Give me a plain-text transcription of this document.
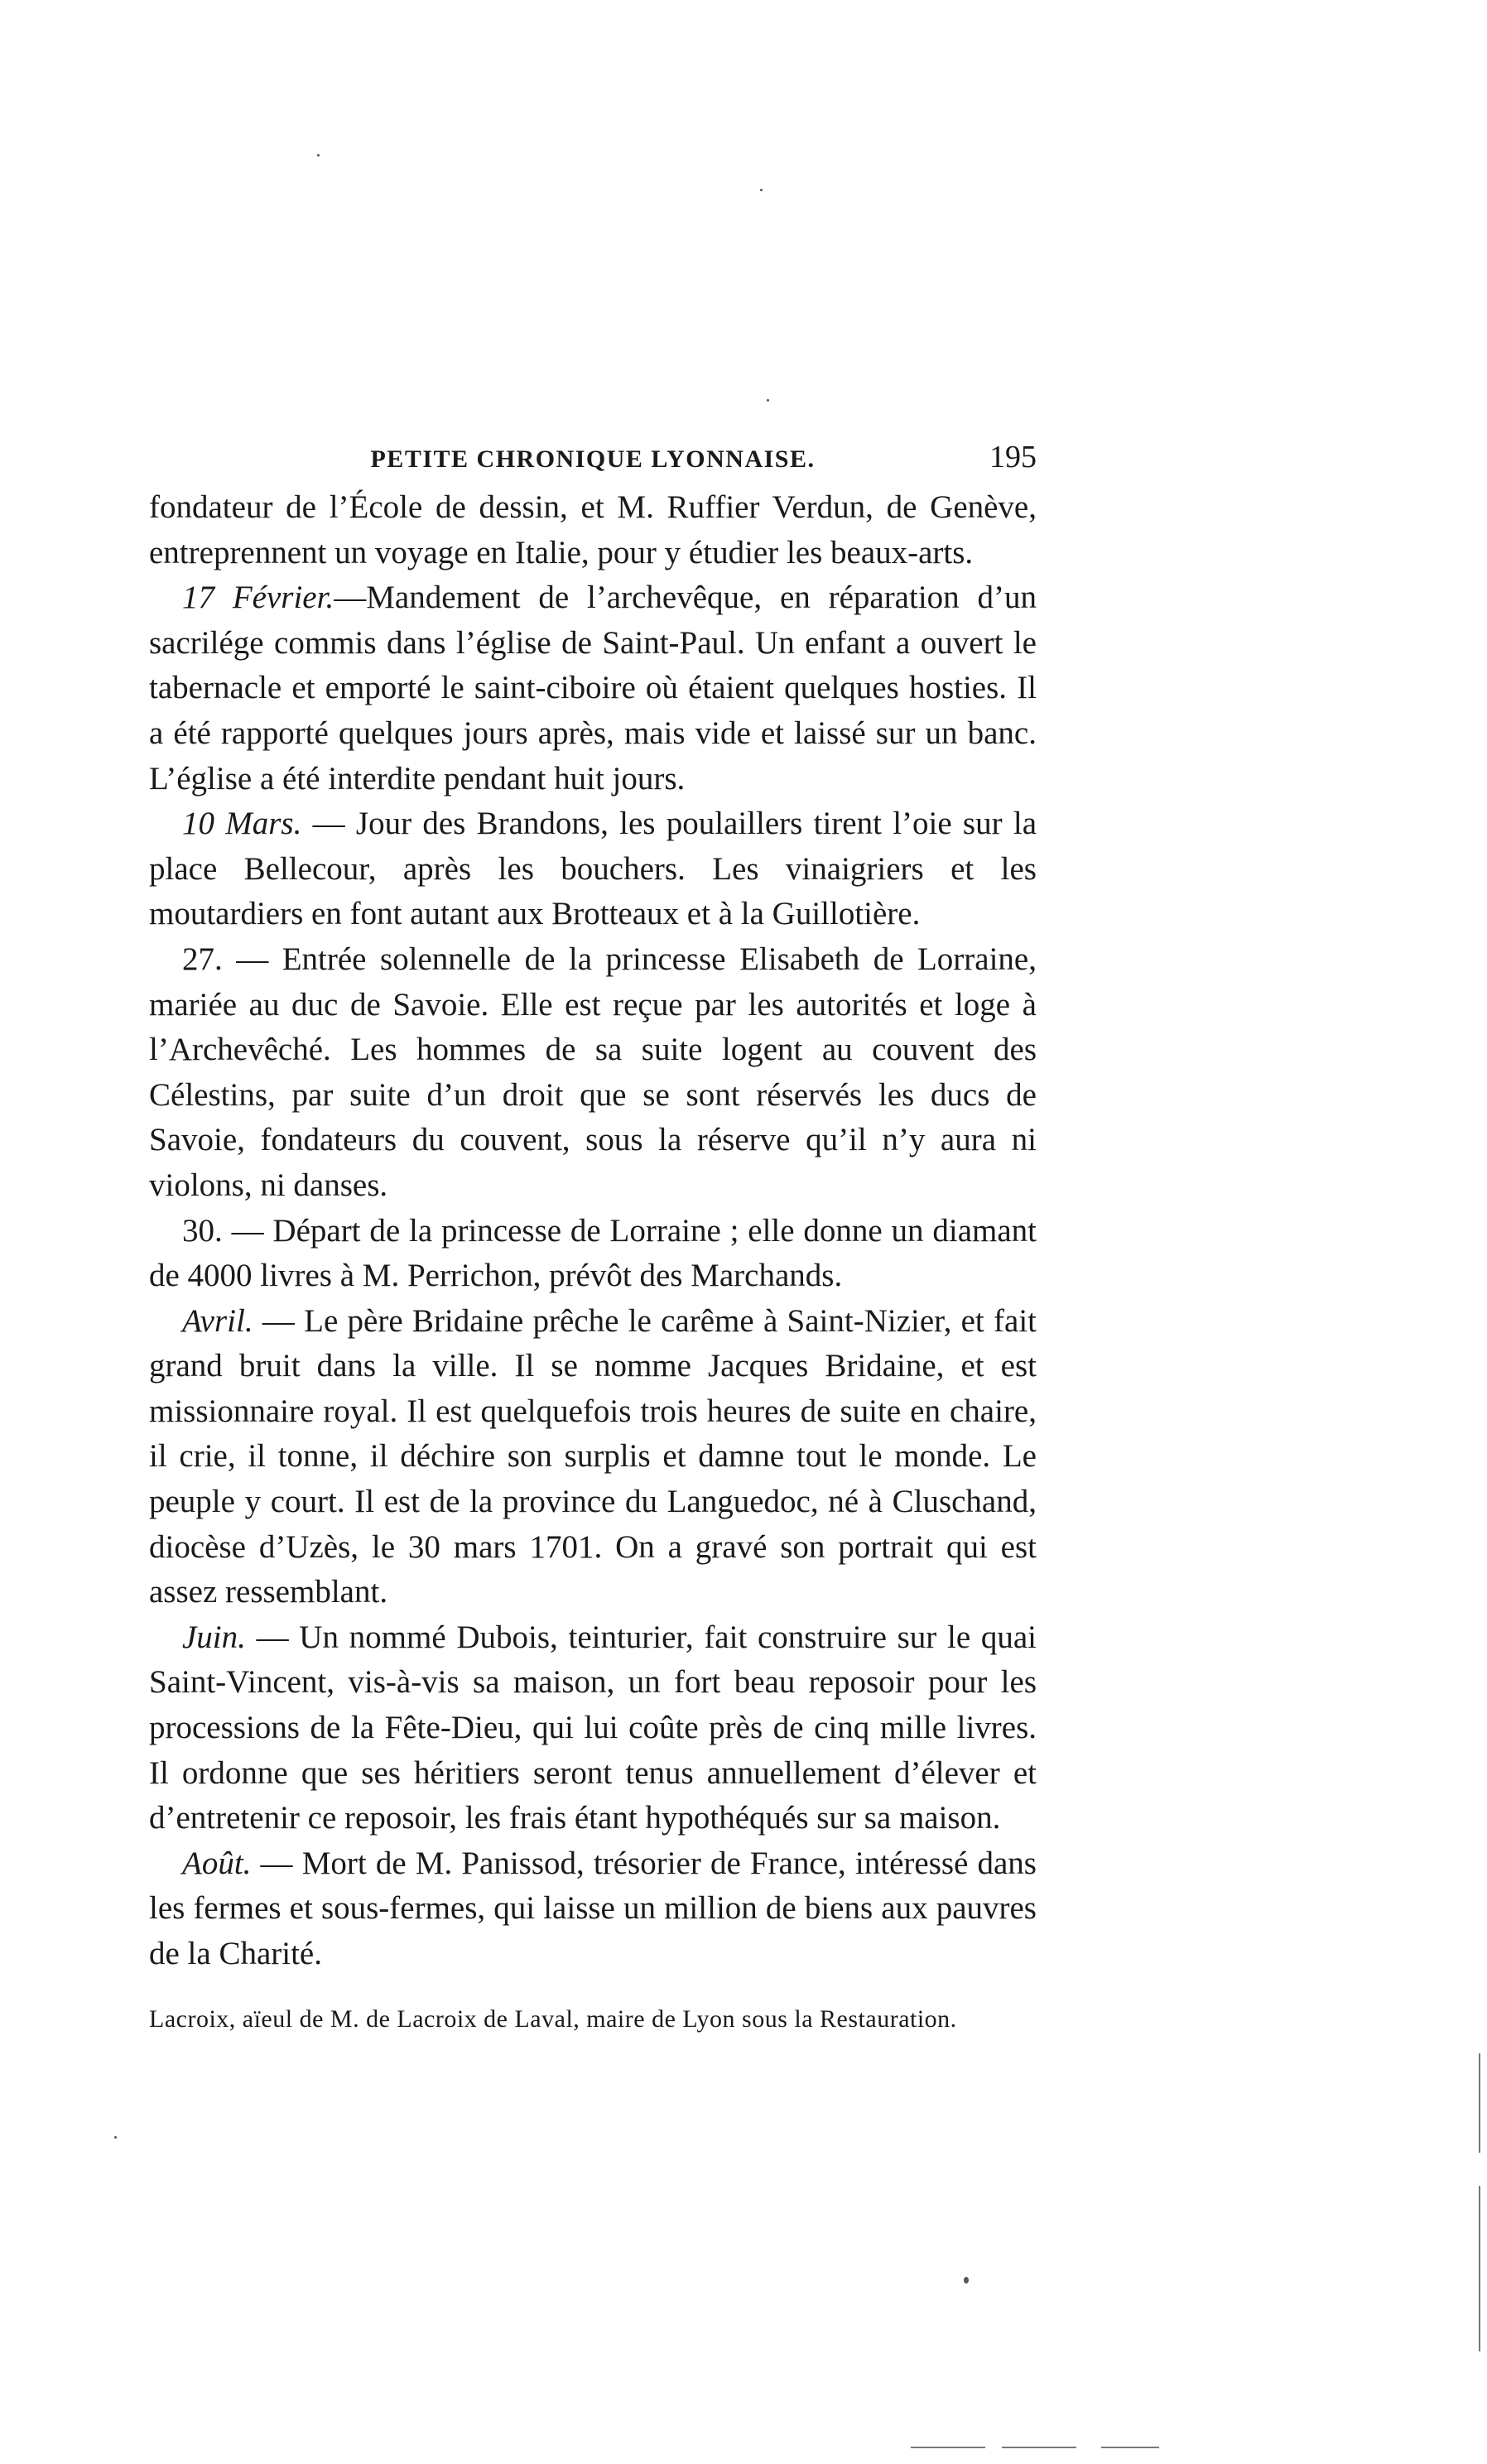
PETITE CHRONIQUE LYONNAISE.	195

fondateur de l’École de dessin, et M. Ruffier Verdun, de Genève, entreprennent un voyage en Italie, pour y étudier les beaux-arts.

17 Février.—Mandement de l’archevêque, en réparation d’un sacrilége commis dans l’église de Saint-Paul. Un enfant a ouvert le tabernacle et emporté le saint-ciboire où étaient quelques hosties. Il a été rapporté quelques jours après, mais vide et laissé sur un banc. L’église a été interdite pendant huit jours.

10 Mars. — Jour des Brandons, les poulaillers tirent l’oie sur la place Bellecour, après les bouchers. Les vinaigriers et les moutardiers en font autant aux Brotteaux et à la Guillotière.

27. — Entrée solennelle de la princesse Elisabeth de Lorraine, mariée au duc de Savoie. Elle est reçue par les autorités et loge à l’Archevêché. Les hommes de sa suite logent au couvent des Célestins, par suite d’un droit que se sont réservés les ducs de Savoie, fondateurs du couvent, sous la réserve qu’il n’y aura ni violons, ni danses.

30. — Départ de la princesse de Lorraine ; elle donne un diamant de 4000 livres à M. Perrichon, prévôt des Marchands.

Avril. — Le père Bridaine prêche le carême à Saint-Nizier, et fait grand bruit dans la ville. Il se nomme Jacques Bridaine, et est missionnaire royal. Il est quelquefois trois heures de suite en chaire, il crie, il tonne, il déchire son surplis et damne tout le monde. Le peuple y court. Il est de la province du Languedoc, né à Cluschand, diocèse d’Uzès, le 30 mars 1701. On a gravé son portrait qui est assez ressemblant.

Juin. — Un nommé Dubois, teinturier, fait construire sur le quai Saint-Vincent, vis-à-vis sa maison, un fort beau reposoir pour les processions de la Fête-Dieu, qui lui coûte près de cinq mille livres. Il ordonne que ses héritiers seront tenus annuellement d’élever et d’entretenir ce reposoir, les frais étant hypothéqués sur sa maison.

Août. — Mort de M. Panissod, trésorier de France, intéressé dans les fermes et sous-fermes, qui laisse un million de biens aux pauvres de la Charité.

Lacroix, aïeul de M. de Lacroix de Laval, maire de Lyon sous la Restauration.
